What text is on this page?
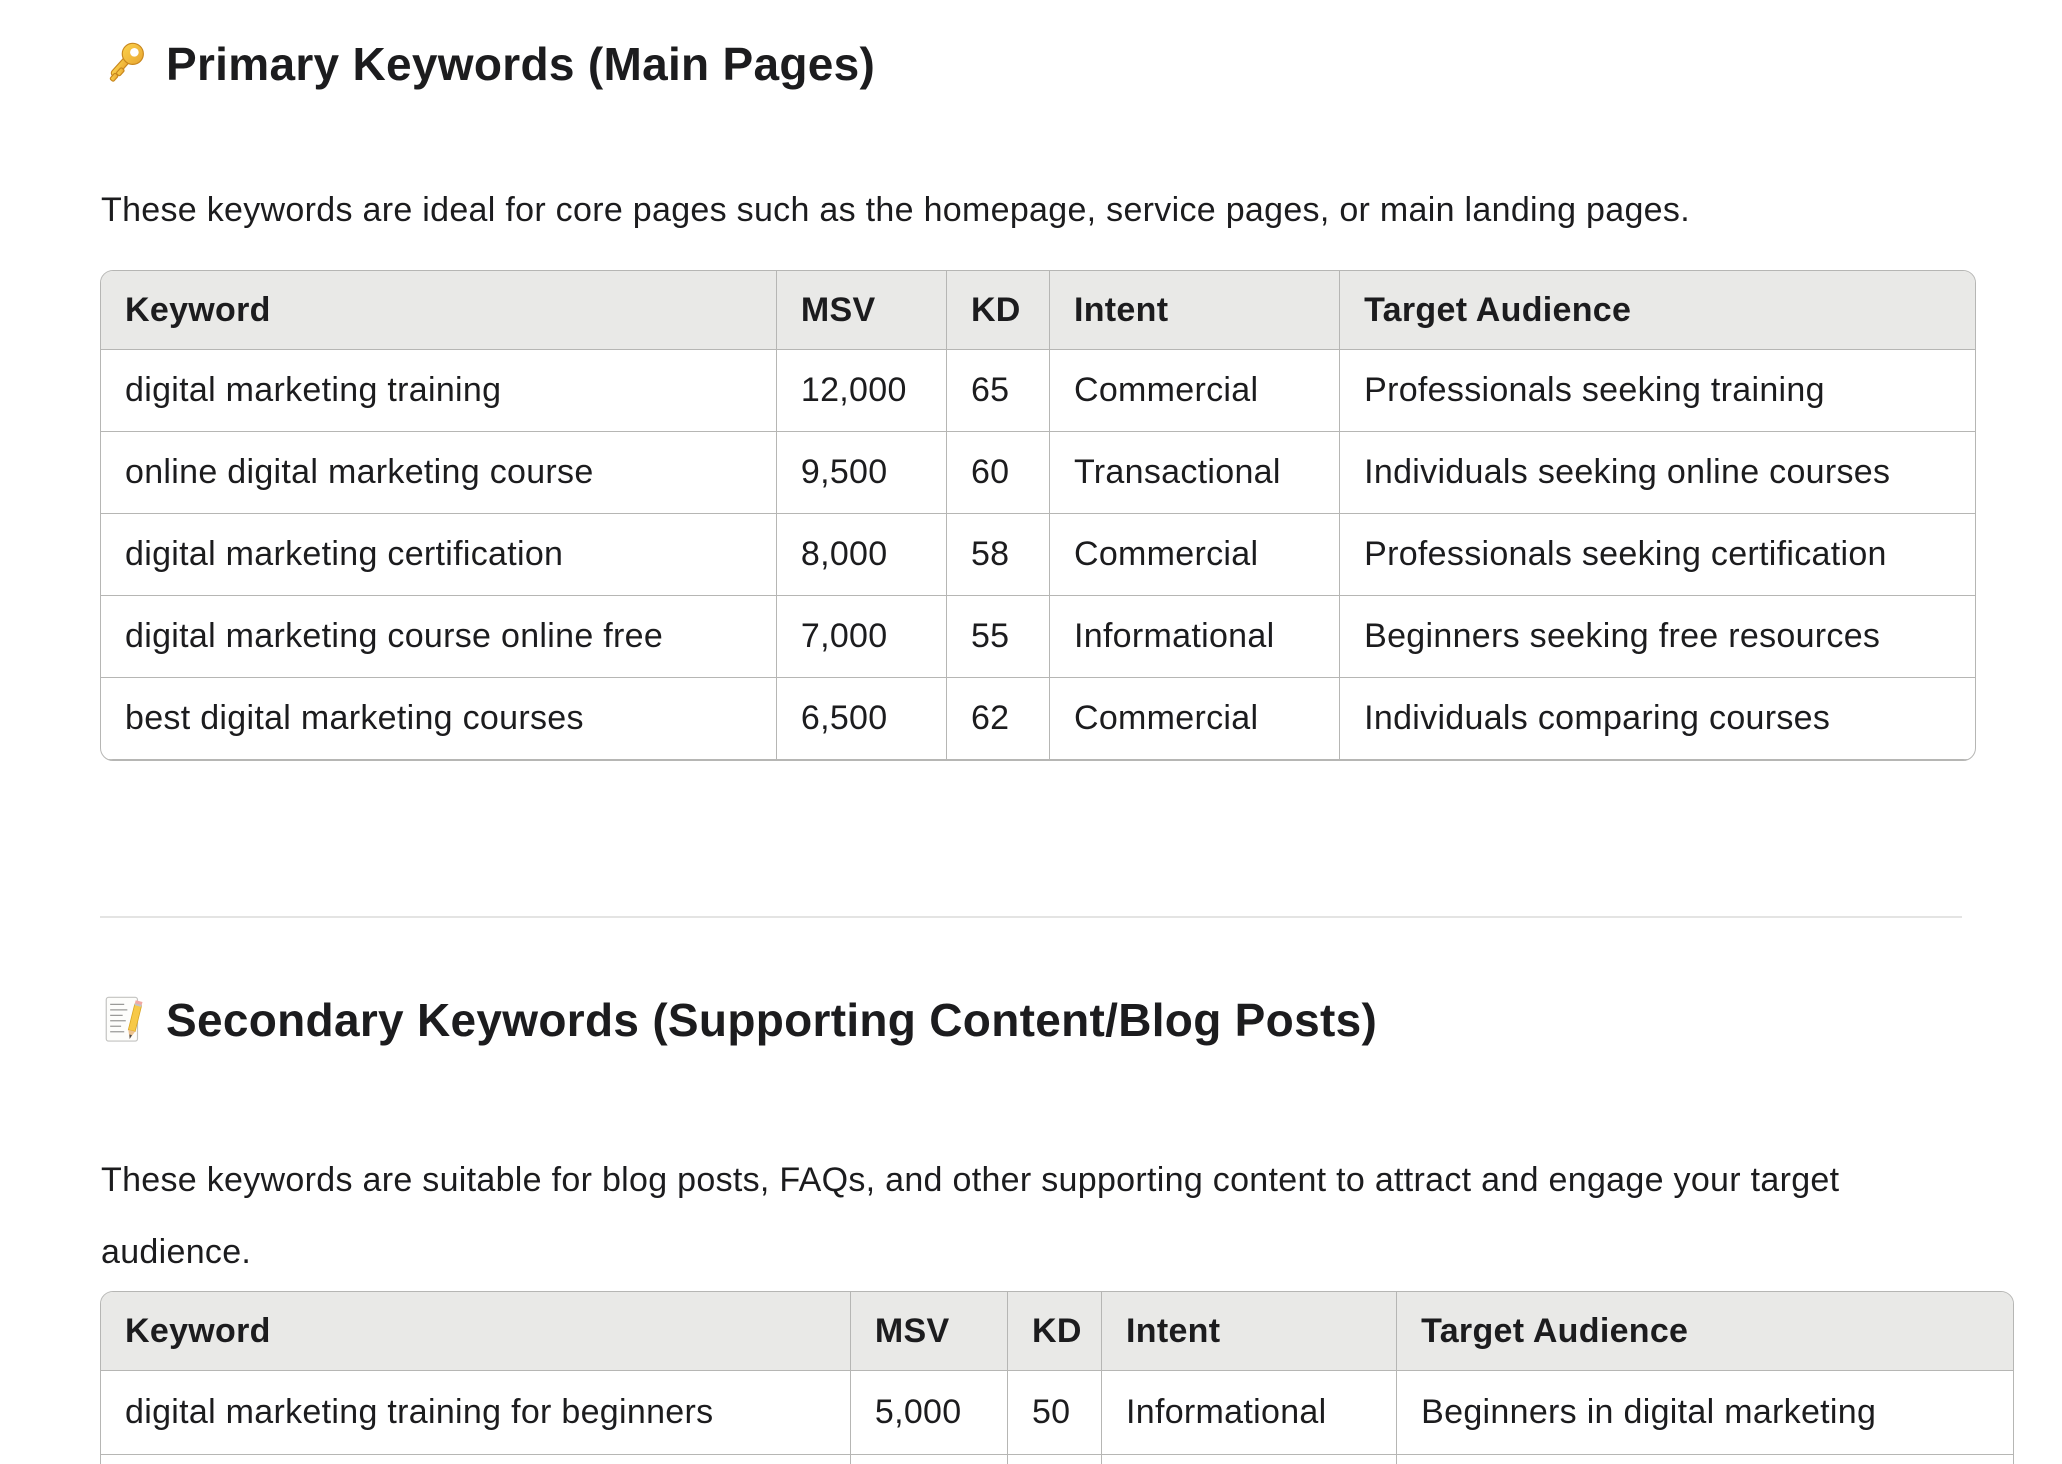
Primary Keywords (Main Pages)

These keywords are ideal for core pages such as the homepage, service pages, or main landing pages.

Keyword	MSV	KD	Intent	Target Audience
digital marketing training	12,000	65	Commercial	Professionals seeking training
online digital marketing course	9,500	60	Transactional	Individuals seeking online courses
digital marketing certification	8,000	58	Commercial	Professionals seeking certification
digital marketing course online free	7,000	55	Informational	Beginners seeking free resources
best digital marketing courses	6,500	62	Commercial	Individuals comparing courses
Secondary Keywords (Supporting Content/Blog Posts)

These keywords are suitable for blog posts, FAQs, and other supporting content to attract and engage your target audience.

Keyword	MSV	KD	Intent	Target Audience
digital marketing training for beginners	5,000	50	Informational	Beginners in digital marketing
